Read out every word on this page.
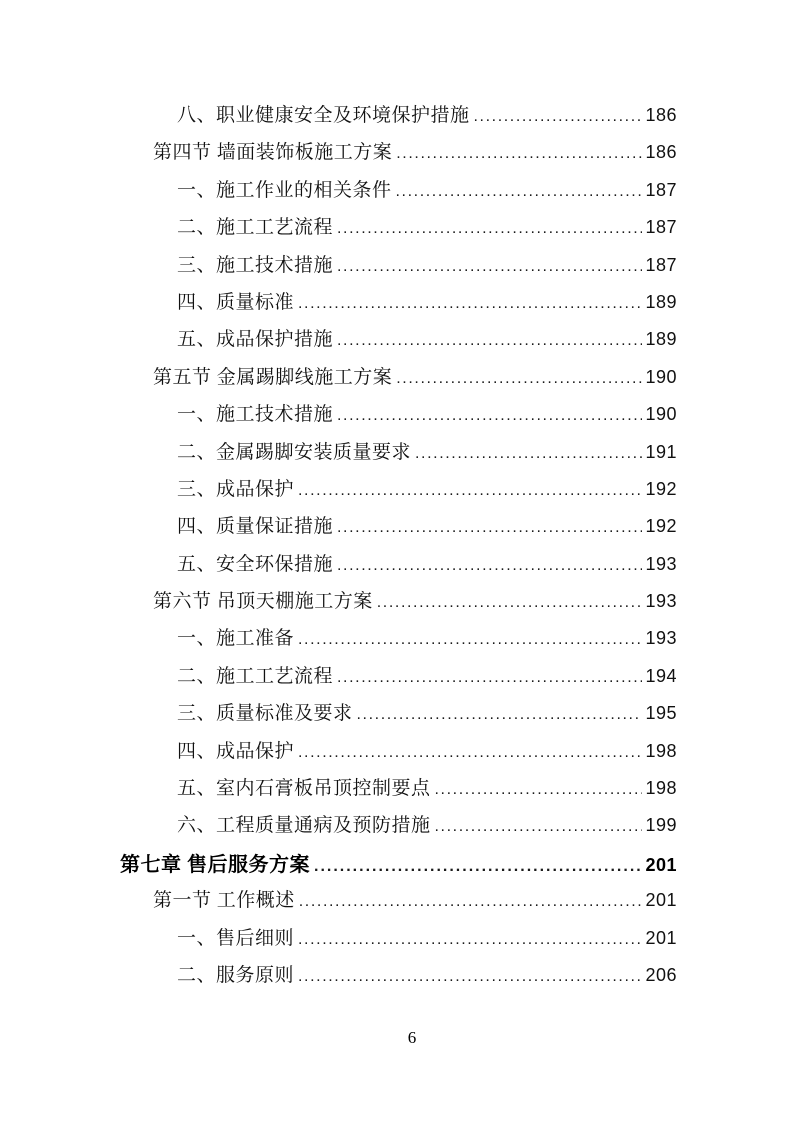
八、职业健康安全及环境保护措施 .....	186
第四节 墙面装饰板施工方案 .....	186
一、施工作业的相关条件 .....	187
二、施工工艺流程 .....	187
三、施工技术措施 .....	187
四、质量标准 .....	189
五、成品保护措施 .....	189
第五节 金属踢脚线施工方案 .....	190
一、施工技术措施 .....	190
二、金属踢脚安装质量要求 .....	191
三、成品保护 .....	192
四、质量保证措施 .....	192
五、安全环保措施 .....	193
第六节 吊顶天棚施工方案 .....	193
一、施工准备 .....	193
二、施工工艺流程 .....	194
三、质量标准及要求 .....	195
四、成品保护 .....	198
五、室内石膏板吊顶控制要点 .....	198
六、工程质量通病及预防措施 .....	199
第七章 售后服务方案 .....	201
第一节 工作概述 .....	201
一、售后细则 .....	201
二、服务原则 .....	206
6
